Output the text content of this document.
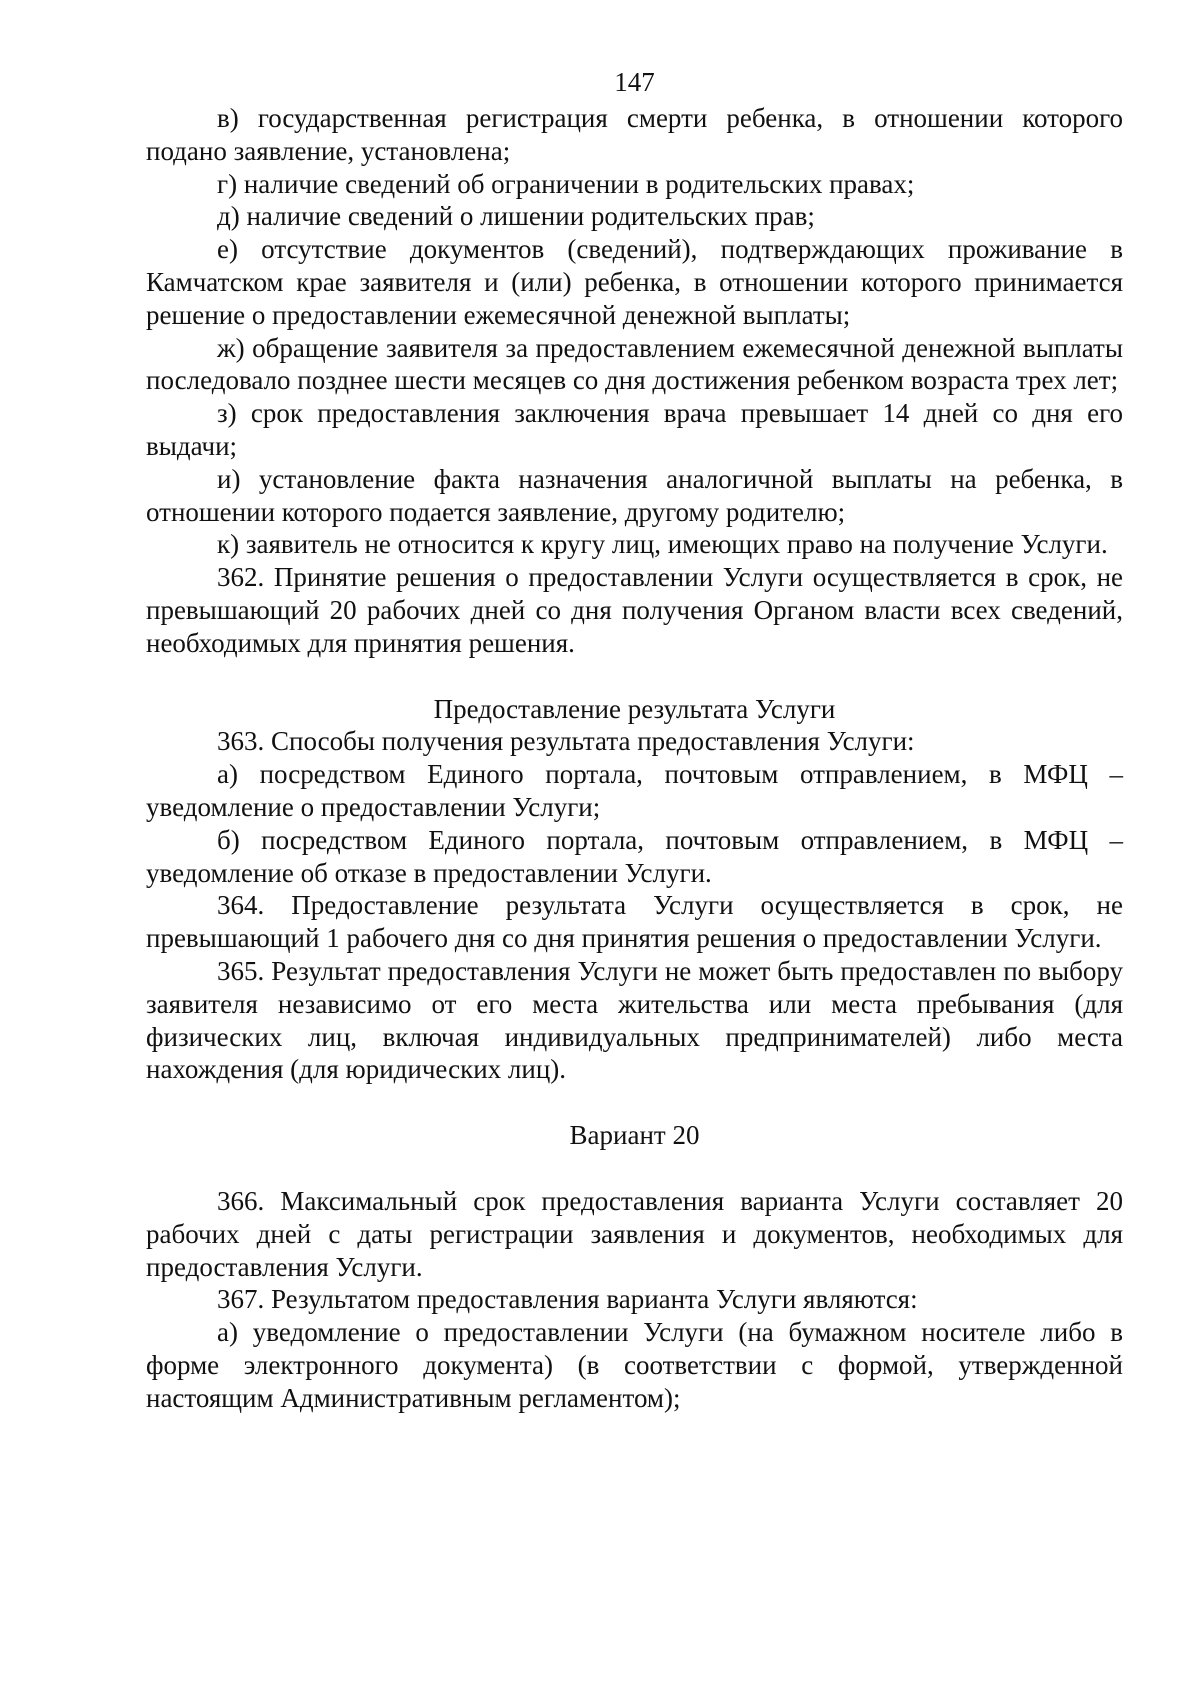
147

в) государственная регистрация смерти ребенка, в отношении которого подано заявление, установлена;

г) наличие сведений об ограничении в родительских правах;

д) наличие сведений о лишении родительских прав;

е) отсутствие документов (сведений), подтверждающих проживание в Камчатском крае заявителя и (или) ребенка, в отношении которого принимается решение о предоставлении ежемесячной денежной выплаты;

ж) обращение заявителя за предоставлением ежемесячной денежной выплаты последовало позднее шести месяцев со дня достижения ребенком возраста трех лет;

з) срок предоставления заключения врача превышает 14 дней со дня его выдачи;

и) установление факта назначения аналогичной выплаты на ребенка, в отношении которого подается заявление, другому родителю;

к) заявитель не относится к кругу лиц, имеющих право на получение Услуги.

362. Принятие решения о предоставлении Услуги осуществляется в срок, не превышающий 20 рабочих дней со дня получения Органом власти всех сведений, необходимых для принятия решения.

Предоставление результата Услуги

363. Способы получения результата предоставления Услуги:

а) посредством Единого портала, почтовым отправлением, в МФЦ – уведомление о предоставлении Услуги;

б) посредством Единого портала, почтовым отправлением, в МФЦ – уведомление об отказе в предоставлении Услуги.

364. Предоставление результата Услуги осуществляется в срок, не превышающий 1 рабочего дня со дня принятия решения о предоставлении Услуги.

365. Результат предоставления Услуги не может быть предоставлен по выбору заявителя независимо от его места жительства или места пребывания (для физических лиц, включая индивидуальных предпринимателей) либо места нахождения (для юридических лиц).

Вариант 20

366. Максимальный срок предоставления варианта Услуги составляет 20 рабочих дней с даты регистрации заявления и документов, необходимых для предоставления Услуги.

367. Результатом предоставления варианта Услуги являются:

а) уведомление о предоставлении Услуги (на бумажном носителе либо в форме электронного документа) (в соответствии с формой, утвержденной настоящим Административным регламентом);
